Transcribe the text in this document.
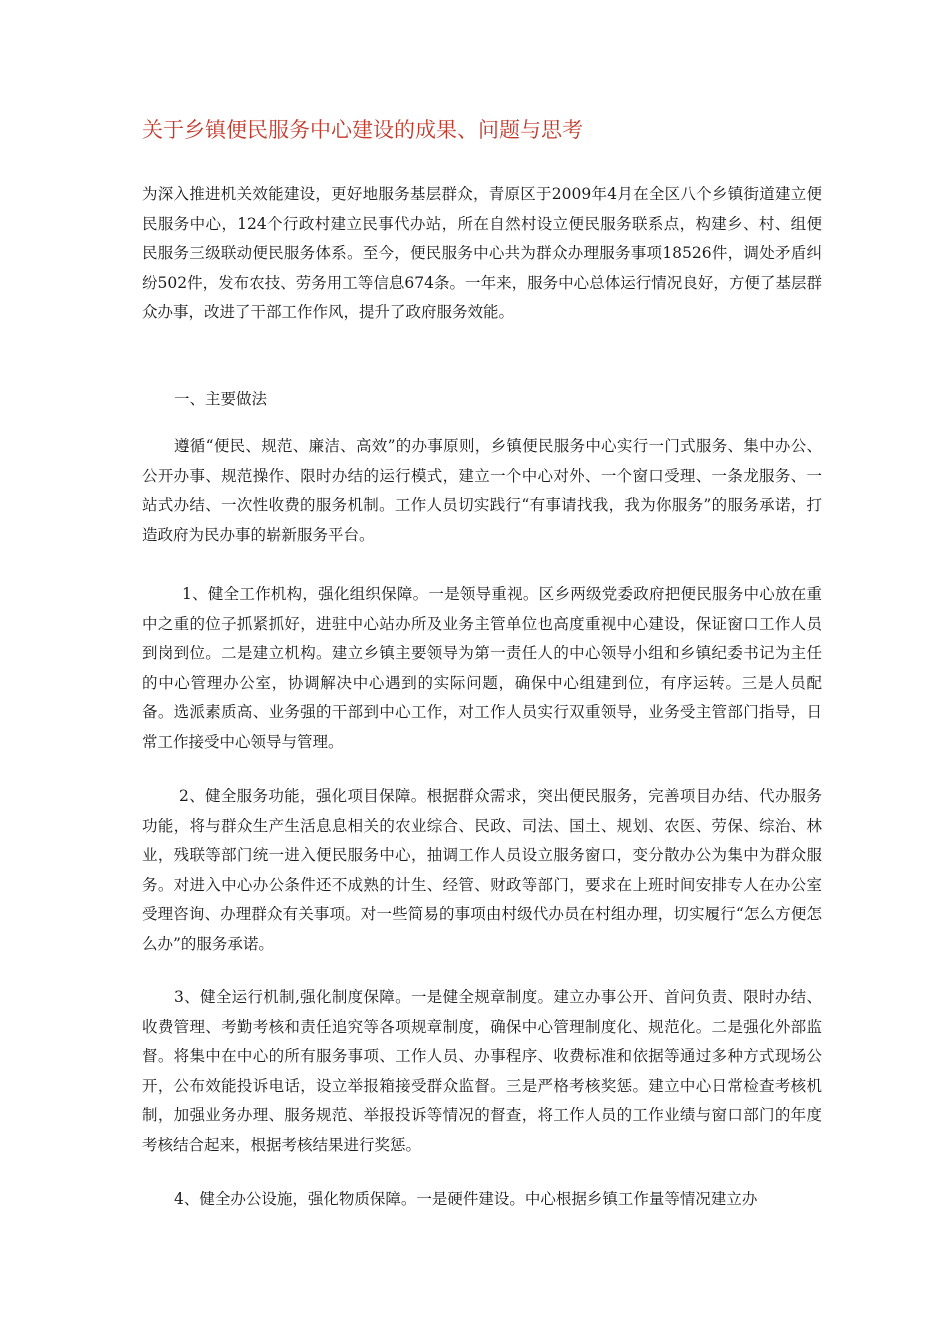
关于乡镇便民服务中心建设的成果、问题与思考

为深入推进机关效能建设，更好地服务基层群众，青原区于2009年4月在全区八个乡镇街道建立便民服务中心，124个行政村建立民事代办站，所在自然村设立便民服务联系点，构建乡、村、组便民服务三级联动便民服务体系。至今，便民服务中心共为群众办理服务事项18526件，调处矛盾纠纷502件，发布农技、劳务用工等信息674条。一年来，服务中心总体运行情况良好，方便了基层群众办事，改进了干部工作作风，提升了政府服务效能。

一、主要做法

遵循“便民、规范、廉洁、高效”的办事原则，乡镇便民服务中心实行一门式服务、集中办公、公开办事、规范操作、限时办结的运行模式，建立一个中心对外、一个窗口受理、一条龙服务、一站式办结、一次性收费的服务机制。工作人员切实践行“有事请找我，我为你服务”的服务承诺，打造政府为民办事的崭新服务平台。

1、健全工作机构，强化组织保障。一是领导重视。区乡两级党委政府把便民服务中心放在重中之重的位子抓紧抓好，进驻中心站办所及业务主管单位也高度重视中心建设，保证窗口工作人员到岗到位。二是建立机构。建立乡镇主要领导为第一责任人的中心领导小组和乡镇纪委书记为主任的中心管理办公室，协调解决中心遇到的实际问题，确保中心组建到位，有序运转。三是人员配备。选派素质高、业务强的干部到中心工作，对工作人员实行双重领导，业务受主管部门指导，日常工作接受中心领导与管理。

2、健全服务功能，强化项目保障。根据群众需求，突出便民服务，完善项目办结、代办服务功能，将与群众生产生活息息相关的农业综合、民政、司法、国土、规划、农医、劳保、综治、林业，残联等部门统一进入便民服务中心，抽调工作人员设立服务窗口，变分散办公为集中为群众服务。对进入中心办公条件还不成熟的计生、经管、财政等部门，要求在上班时间安排专人在办公室受理咨询、办理群众有关事项。对一些简易的事项由村级代办员在村组办理，切实履行“怎么方便怎么办”的服务承诺。

3、健全运行机制,强化制度保障。一是健全规章制度。建立办事公开、首问负责、限时办结、收费管理、考勤考核和责任追究等各项规章制度，确保中心管理制度化、规范化。二是强化外部监督。将集中在中心的所有服务事项、工作人员、办事程序、收费标准和依据等通过多种方式现场公开，公布效能投诉电话，设立举报箱接受群众监督。三是严格考核奖惩。建立中心日常检查考核机制，加强业务办理、服务规范、举报投诉等情况的督查，将工作人员的工作业绩与窗口部门的年度考核结合起来，根据考核结果进行奖惩。

4、健全办公设施，强化物质保障。一是硬件建设。中心根据乡镇工作量等情况建立办
